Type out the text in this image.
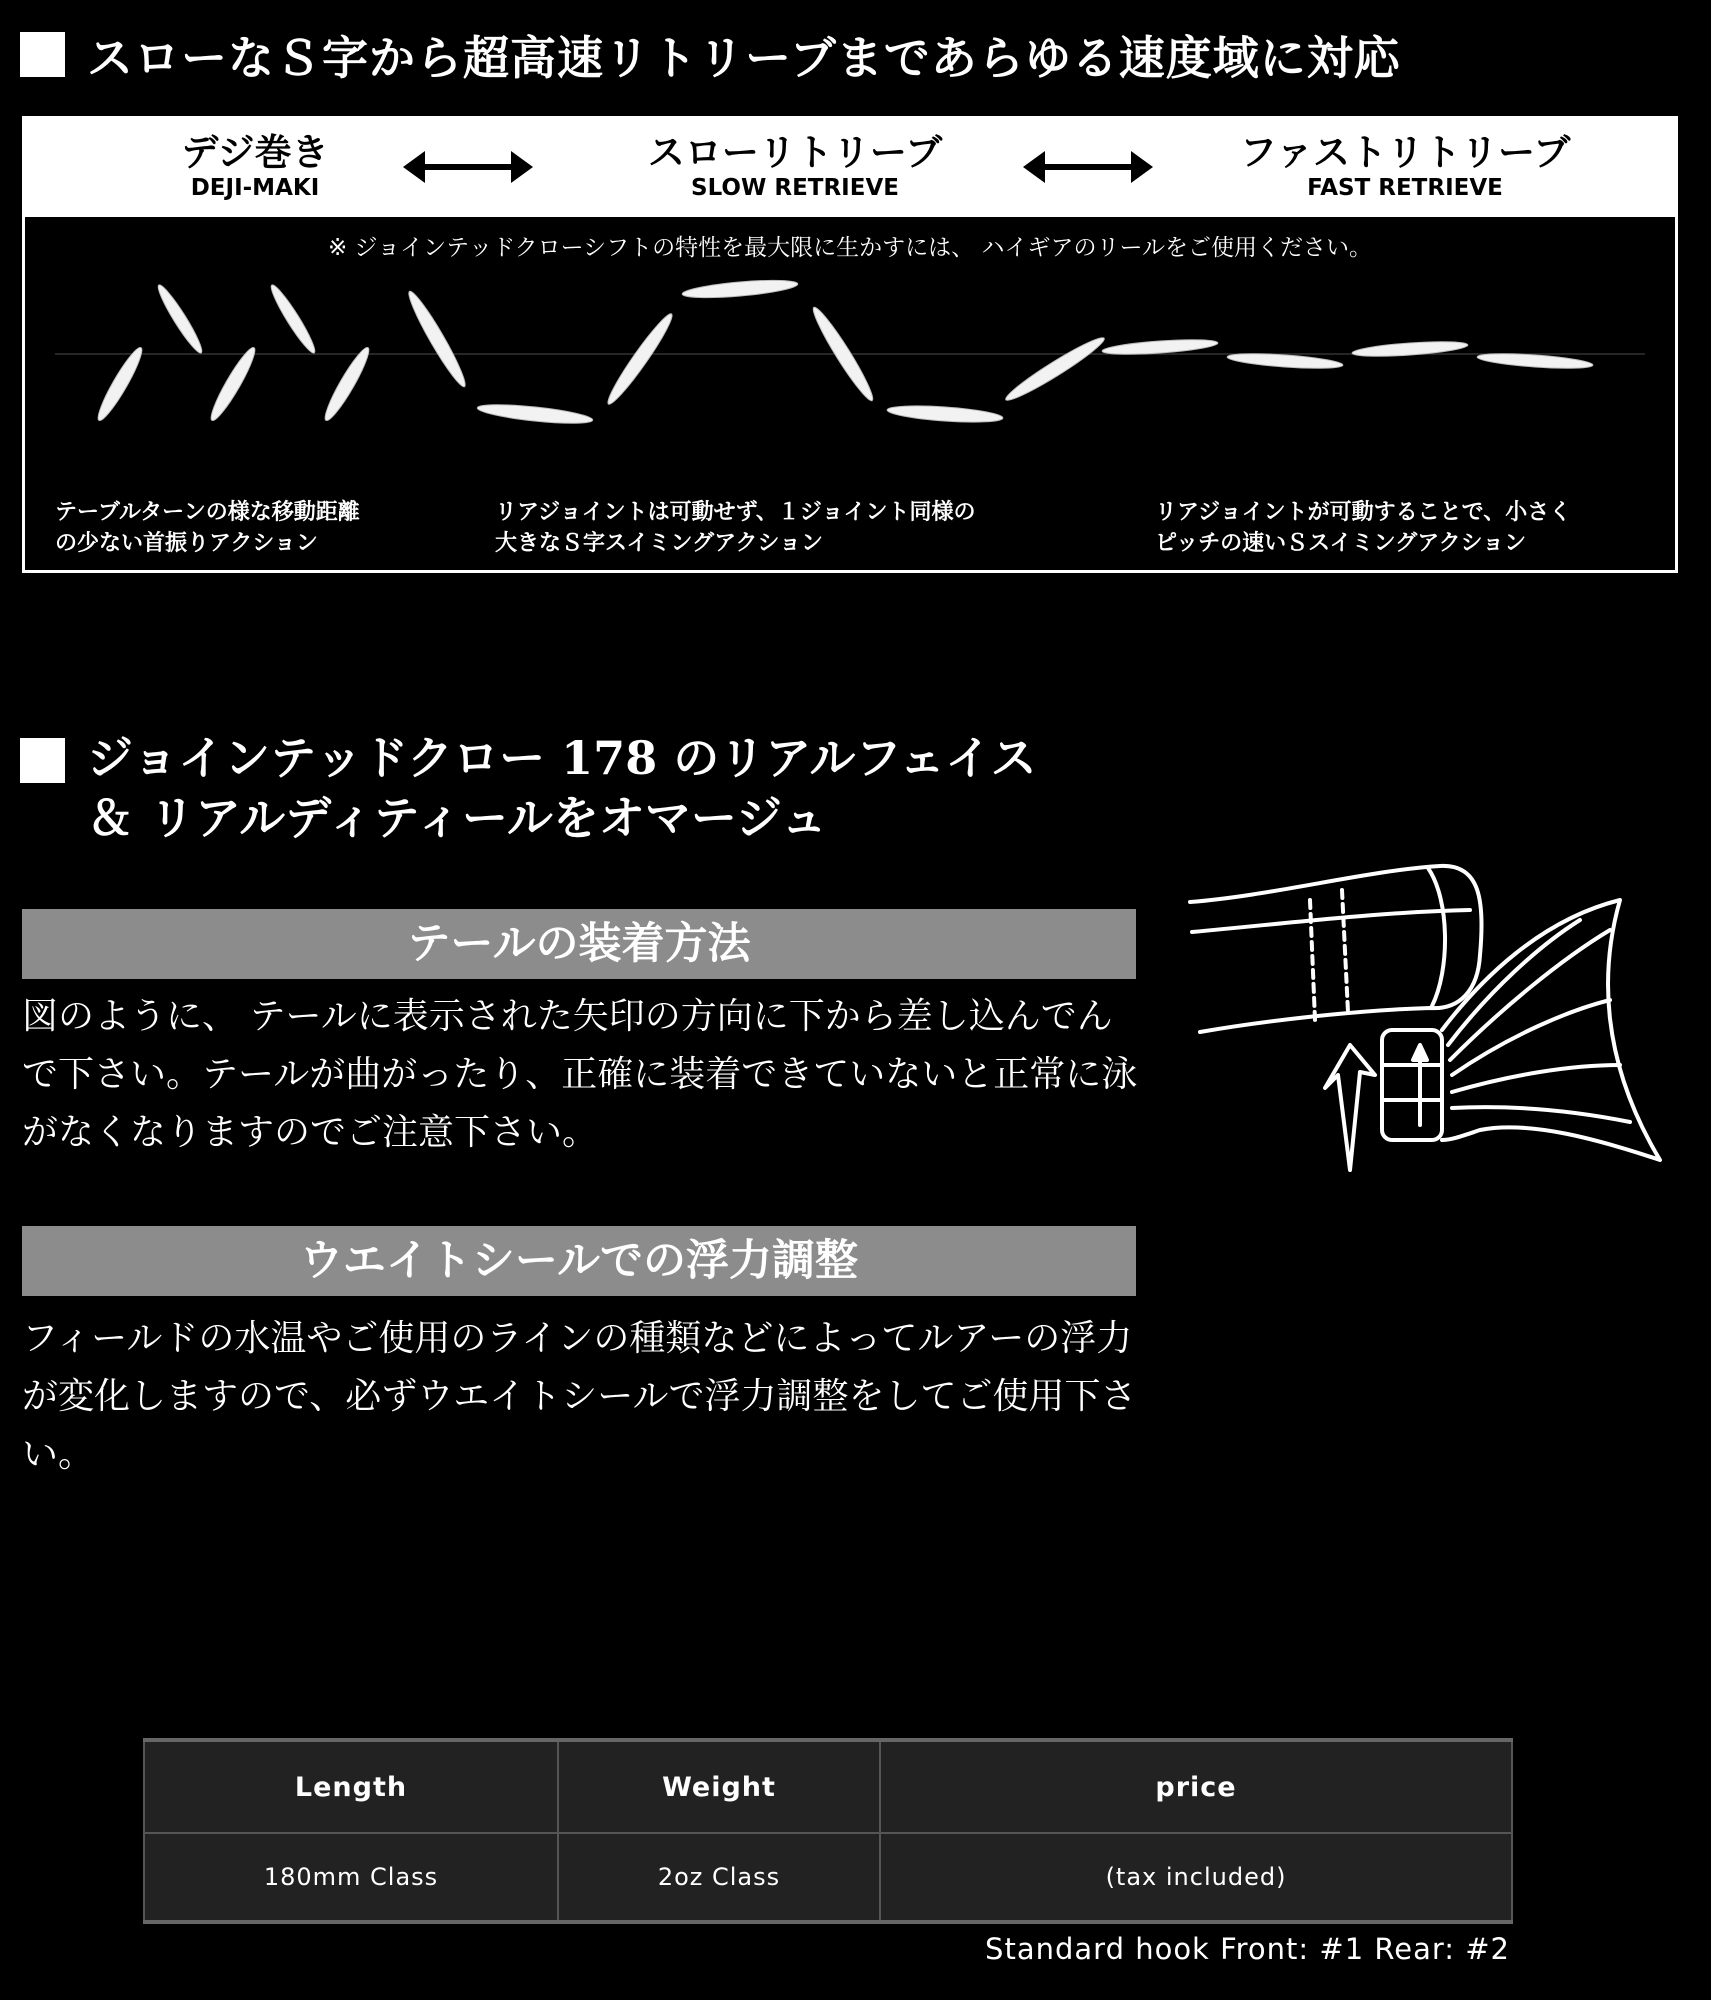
スローなＳ字から超高速リトリーブまであらゆる速度域に対応
デジ巻き
DEJI-MAKI
スローリトリーブ
SLOW RETRIEVE
ファストリトリーブ
FAST RETRIEVE
※ ジョインテッドクローシフトの特性を最大限に生かすには、 ハイギアのリールをご使用ください。
テーブルターンの様な移動距離
の少ない首振りアクション
リアジョイントは可動せず、１ジョイント同様の
大きなＳ字スイミングアクション
リアジョイントが可動することで、小さく
ピッチの速いＳスイミングアクション
ジョインテッドクロー 178 のリアルフェイス
＆ リアルディティールをオマージュ
テールの装着方法
図のように、 テールに表示された矢印の方向に下から差し込んでんで下さい。テールが曲がったり、正確に装着できていないと正常に泳がなくなりますのでご注意下さい。
ウエイトシールでの浮力調整
フィールドの水温やご使用のラインの種類などによってルアーの浮力が変化しますので、必ずウエイトシールで浮力調整をしてご使用下さい。
Length	Weight	price
180mm Class	2oz Class	(tax included)
Standard hook Front: #1 Rear: #2
